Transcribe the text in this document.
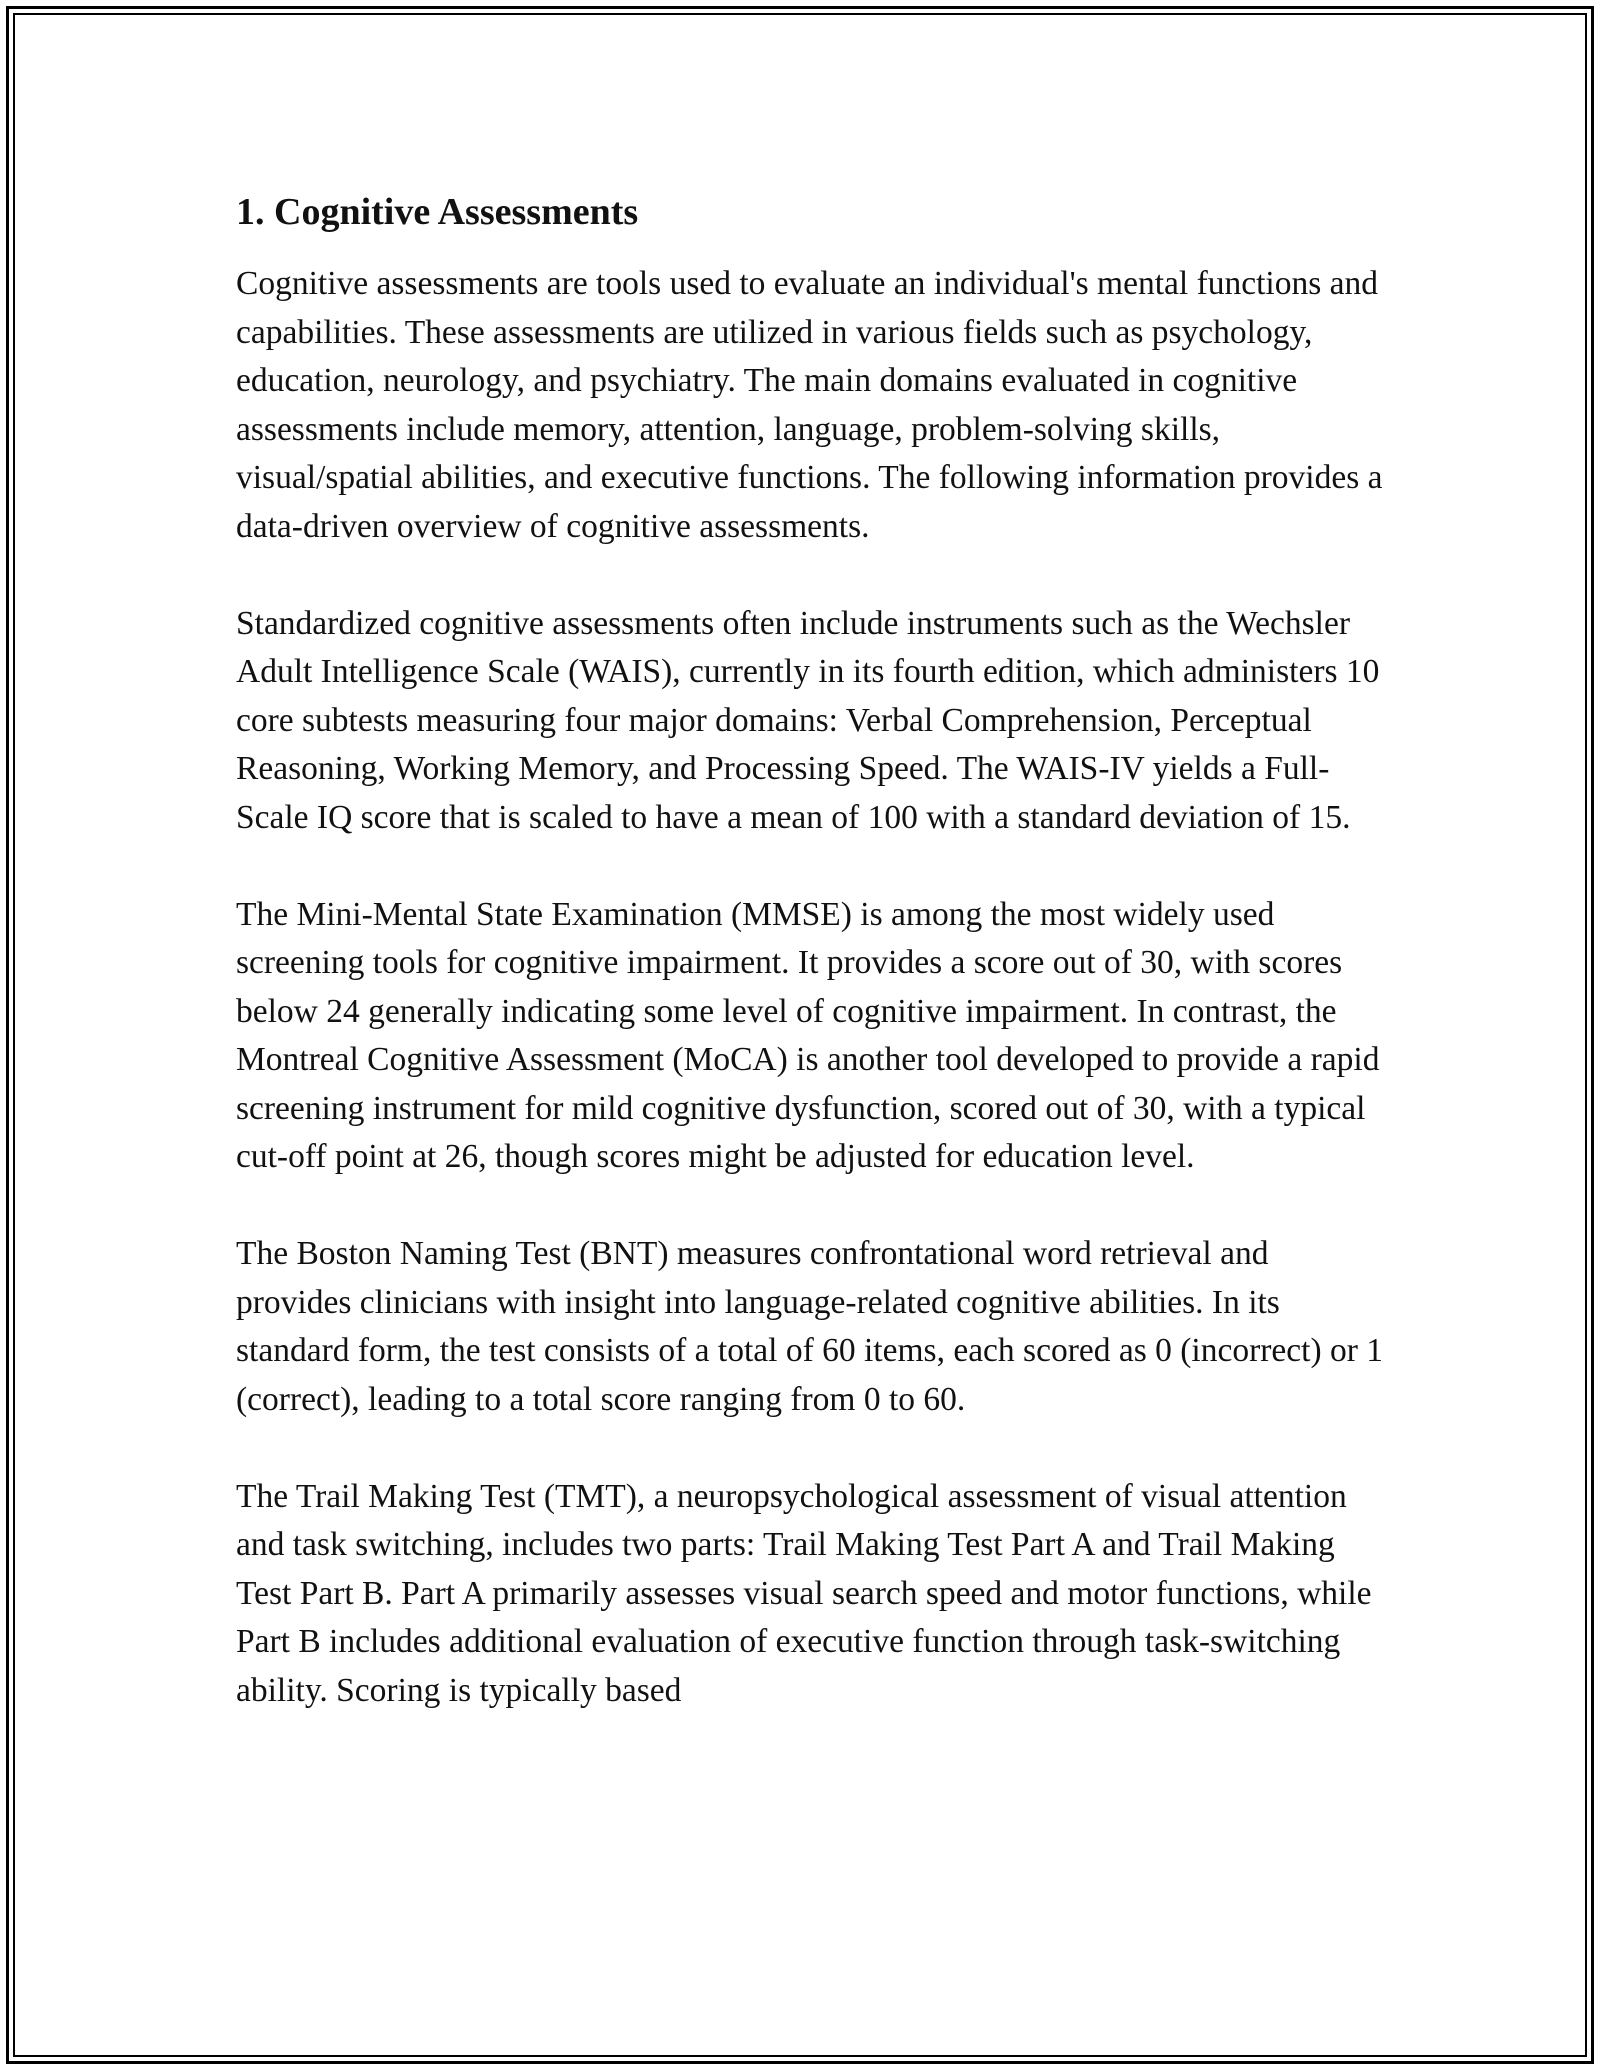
1. Cognitive Assessments

Cognitive assessments are tools used to evaluate an individual's mental functions and capabilities. These assessments are utilized in various fields such as psychology, education, neurology, and psychiatry. The main domains evaluated in cognitive assessments include memory, attention, language, problem-solving skills, visual/spatial abilities, and executive functions. The following information provides a data-driven overview of cognitive assessments.

Standardized cognitive assessments often include instruments such as the Wechsler Adult Intelligence Scale (WAIS), currently in its fourth edition, which administers 10 core subtests measuring four major domains: Verbal Comprehension, Perceptual Reasoning, Working Memory, and Processing Speed. The WAIS-IV yields a Full-Scale IQ score that is scaled to have a mean of 100 with a standard deviation of 15.

The Mini-Mental State Examination (MMSE) is among the most widely used screening tools for cognitive impairment. It provides a score out of 30, with scores below 24 generally indicating some level of cognitive impairment. In contrast, the Montreal Cognitive Assessment (MoCA) is another tool developed to provide a rapid screening instrument for mild cognitive dysfunction, scored out of 30, with a typical cut-off point at 26, though scores might be adjusted for education level.

The Boston Naming Test (BNT) measures confrontational word retrieval and provides clinicians with insight into language-related cognitive abilities. In its standard form, the test consists of a total of 60 items, each scored as 0 (incorrect) or 1 (correct), leading to a total score ranging from 0 to 60.

The Trail Making Test (TMT), a neuropsychological assessment of visual attention and task switching, includes two parts: Trail Making Test Part A and Trail Making Test Part B. Part A primarily assesses visual search speed and motor functions, while Part B includes additional evaluation of executive function through task-switching ability. Scoring is typically based
